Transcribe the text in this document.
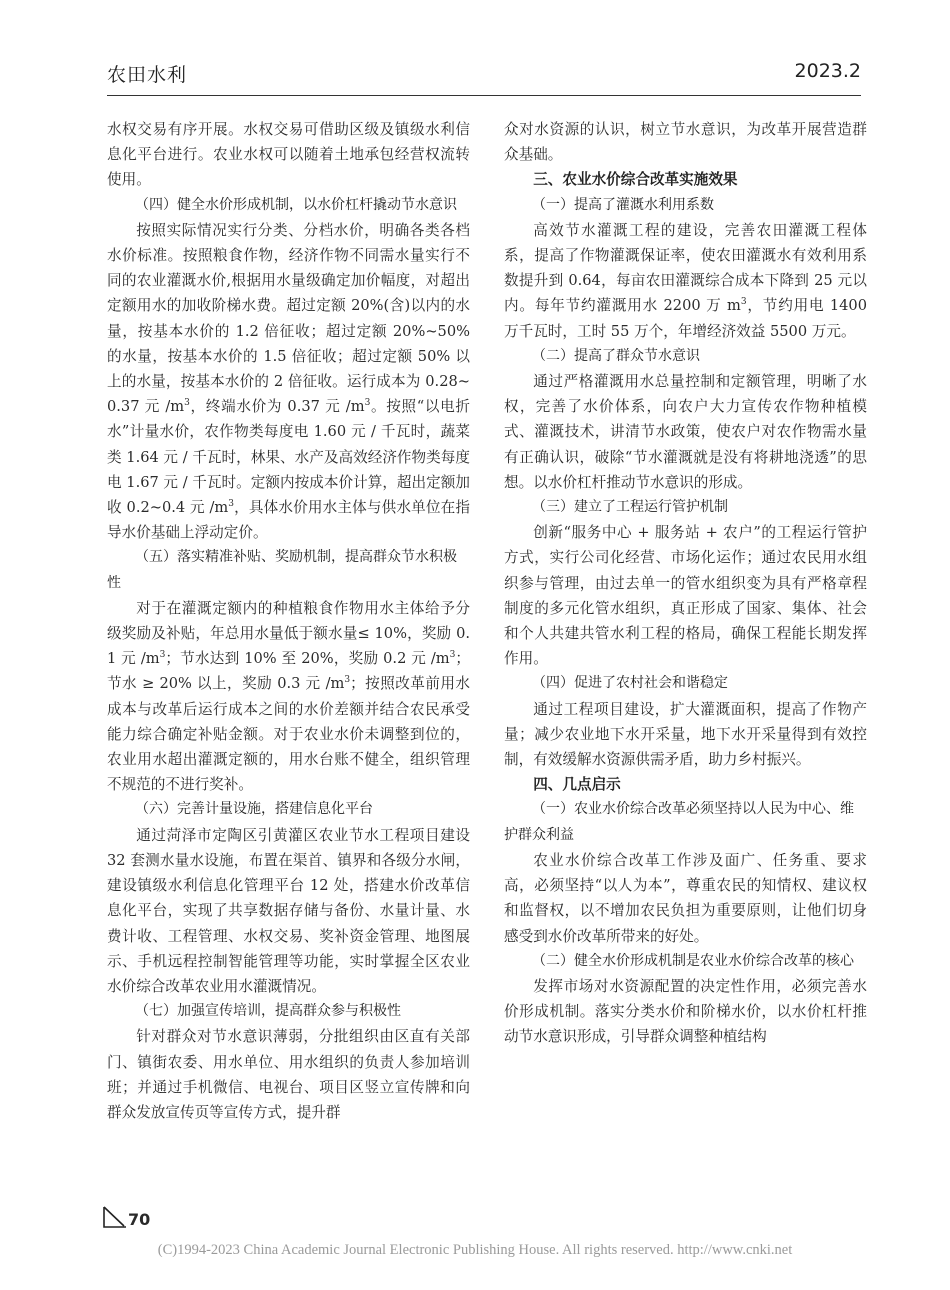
农田水利	2023.2
水权交易有序开展。水权交易可借助区级及镇级水利信息化平台进行。农业水权可以随着土地承包经营权流转使用。
（四）健全水价形成机制，以水价杠杆撬动节水意识
按照实际情况实行分类、分档水价，明确各类各档水价标准。按照粮食作物，经济作物不同需水量实行不同的农业灌溉水价,根据用水量级确定加价幅度，对超出定额用水的加收阶梯水费。超过定额 20%(含)以内的水量，按基本水价的 1.2 倍征收；超过定额 20%~50% 的水量，按基本水价的 1.5 倍征收；超过定额 50% 以上的水量，按基本水价的 2 倍征收。运行成本为 0.28~0.37 元 $/m^3$，终端水价为 0.37 元 $/m^3$。按照“以电折水”计量水价，农作物类每度电 1.60 元 / 千瓦时，蔬菜类 1.64 元 / 千瓦时，林果、水产及高效经济作物类每度电 1.67 元 / 千瓦时。定额内按成本价计算，超出定额加收 0.2~0.4 元 $/m^3$，具体水价用水主体与供水单位在指导水价基础上浮动定价。
（五）落实精准补贴、奖励机制，提高群众节水积极性
对于在灌溉定额内的种植粮食作物用水主体给予分级奖励及补贴，年总用水量低于额水量≤ 10%，奖励 0.1 元 $/m^3$；节水达到 10% 至 20%，奖励 0.2 元 $/m^3$；节水 ≥ 20% 以上，奖励 0.3 元 $/m^3$；按照改革前用水成本与改革后运行成本之间的水价差额并结合农民承受能力综合确定补贴金额。对于农业水价未调整到位的，农业用水超出灌溉定额的，用水台账不健全，组织管理不规范的不进行奖补。
（六）完善计量设施，搭建信息化平台
通过菏泽市定陶区引黄灌区农业节水工程项目建设 32 套测水量水设施，布置在渠首、镇界和各级分水闸，建设镇级水利信息化管理平台 12 处，搭建水价改革信息化平台，实现了共享数据存储与备份、水量计量、水费计收、工程管理、水权交易、奖补资金管理、地图展示、手机远程控制智能管理等功能，实时掌握全区农业水价综合改革农业用水灌溉情况。
（七）加强宣传培训，提高群众参与积极性
针对群众对节水意识薄弱，分批组织由区直有关部门、镇街农委、用水单位、用水组织的负责人参加培训班；并通过手机微信、电视台、项目区竖立宣传牌和向群众发放宣传页等宣传方式，提升群
众对水资源的认识，树立节水意识，为改革开展营造群众基础。
三、农业水价综合改革实施效果
（一）提高了灌溉水利用系数
高效节水灌溉工程的建设，完善农田灌溉工程体系，提高了作物灌溉保证率，使农田灌溉水有效利用系数提升到 0.64，每亩农田灌溉综合成本下降到 25 元以内。每年节约灌溉用水 2200 万 $m^3$，节约用电 1400 万千瓦时，工时 55 万个，年增经济效益 5500 万元。
（二）提高了群众节水意识
通过严格灌溉用水总量控制和定额管理，明晰了水权，完善了水价体系，向农户大力宣传农作物种植模式、灌溉技术，讲清节水政策，使农户对农作物需水量有正确认识，破除“节水灌溉就是没有将耕地浇透”的思想。以水价杠杆推动节水意识的形成。
（三）建立了工程运行管护机制
创新“服务中心 + 服务站 + 农户”的工程运行管护方式，实行公司化经营、市场化运作；通过农民用水组织参与管理，由过去单一的管水组织变为具有严格章程制度的多元化管水组织，真正形成了国家、集体、社会和个人共建共管水利工程的格局，确保工程能长期发挥作用。
（四）促进了农村社会和谐稳定
通过工程项目建设，扩大灌溉面积，提高了作物产量；减少农业地下水开采量，地下水开采量得到有效控制，有效缓解水资源供需矛盾，助力乡村振兴。
四、几点启示
（一）农业水价综合改革必须坚持以人民为中心、维护群众利益
农业水价综合改革工作涉及面广、任务重、要求高，必须坚持“以人为本”，尊重农民的知情权、建议权和监督权，以不增加农民负担为重要原则，让他们切身感受到水价改革所带来的好处。
（二）健全水价形成机制是农业水价综合改革的核心
发挥市场对水资源配置的决定性作用，必须完善水价形成机制。落实分类水价和阶梯水价，以水价杠杆推动节水意识形成，引导群众调整种植结构
70
(C)1994-2023 China Academic Journal Electronic Publishing House. All rights reserved. http://www.cnki.net
